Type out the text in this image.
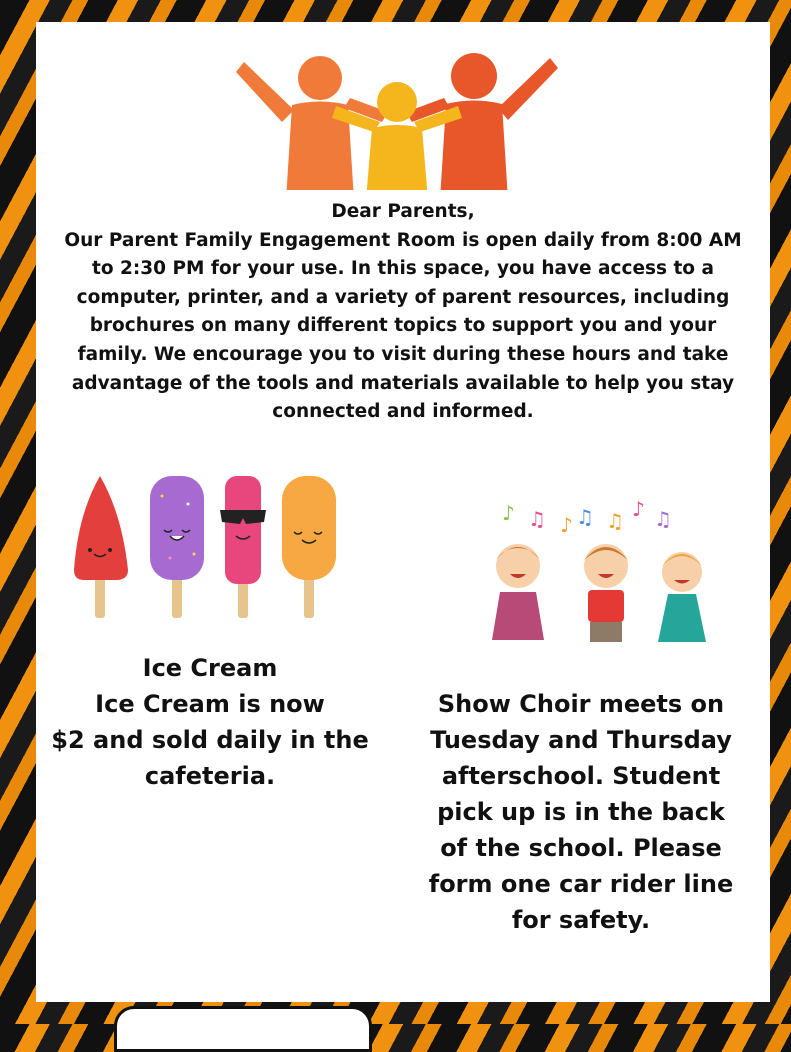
Dear Parents,
Our Parent Family Engagement Room is open daily from 8:00 AM to 2:30 PM for your use. In this space, you have access to a computer, printer, and a variety of parent resources, including brochures on many different topics to support you and your family. We encourage you to visit during these hours and take advantage of the tools and materials available to help you stay connected and informed.
♪ ♫ ♪ ♫ ♫ ♪ ♫
Ice Cream
Ice Cream is now
$2 and sold daily in the
cafeteria.
Show Choir meets on Tuesday and Thursday afterschool. Student pick up is in the back of the school. Please form one car rider line for safety.
